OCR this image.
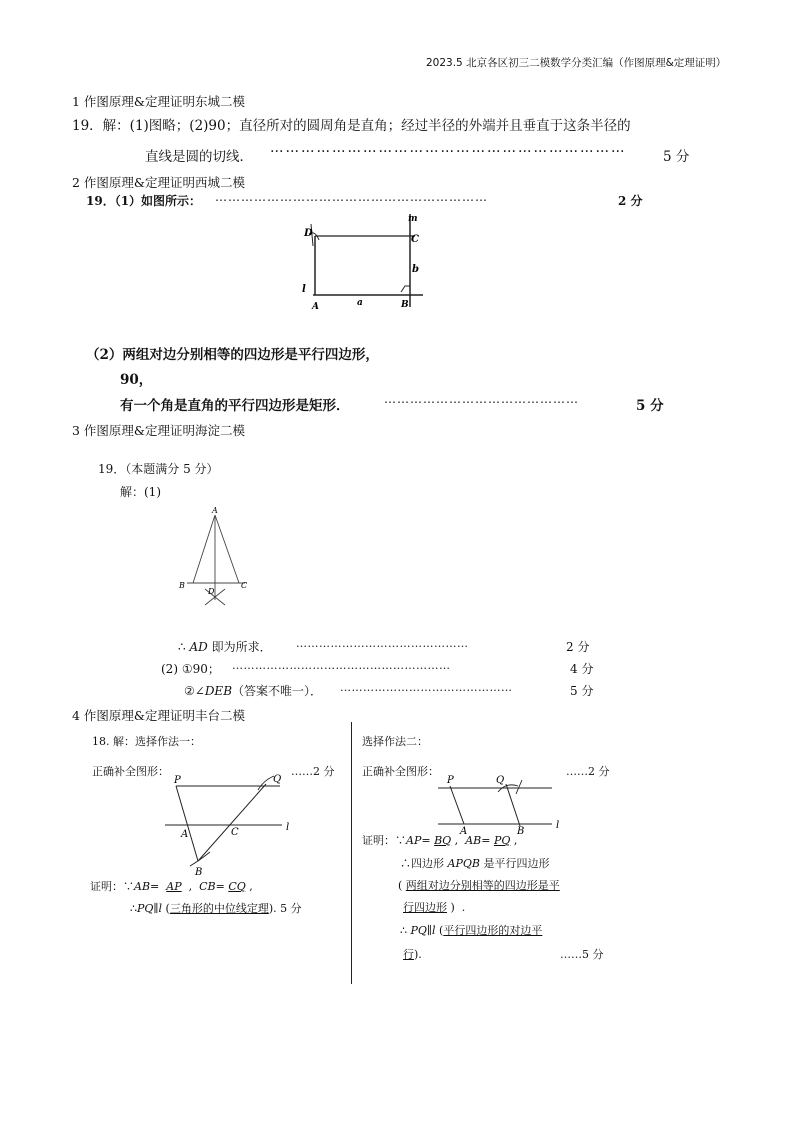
2023.5 北京各区初三二模数学分类汇编（作图原理&定理证明）
1 作图原理&定理证明东城二模
19．解：(1)图略；(2)90；直径所对的圆周角是直角；经过半径的外端并且垂直于这条半径的
直线是圆的切线．
……………………………………………………………
5 分
2 作图原理&定理证明西城二模
19．（1）如图所示： ………………………………………………………	2 分
D
C
m
b
l
A	a	B
（2）两组对边分别相等的四边形是平行四边形，
90，
有一个角是直角的平行四边形是矩形．	………………………………………	5 分
3 作图原理&定理证明海淀二模
19．（本题满分 5 分）
解：(1)
A
B
D
C
∴ AD 即为所求． ………………………………………	2 分
(2) ①90； …………………………………………………	4 分
②∠DEB（答案不唯一）． ………………………………………	5 分
4 作图原理&定理证明丰台二模
18. 解：选择作法一：
正确补全图形：	……2 分
P	Q
l
A	C
B
证明：∵AB= AP  ,  CB= CQ ,
∴PQ∥l (三角形的中位线定理). 5 分
选择作法二：
正确补全图形：	……2 分
P	Q
l
A	B
证明：∵AP= BQ ,  AB= PQ ,
∴四边形 APQB 是平行四边形
( 两组对边分别相等的四边形是平
行四边形 )  .
∴ PQ∥l (平行四边形的对边平
行).	……5 分
